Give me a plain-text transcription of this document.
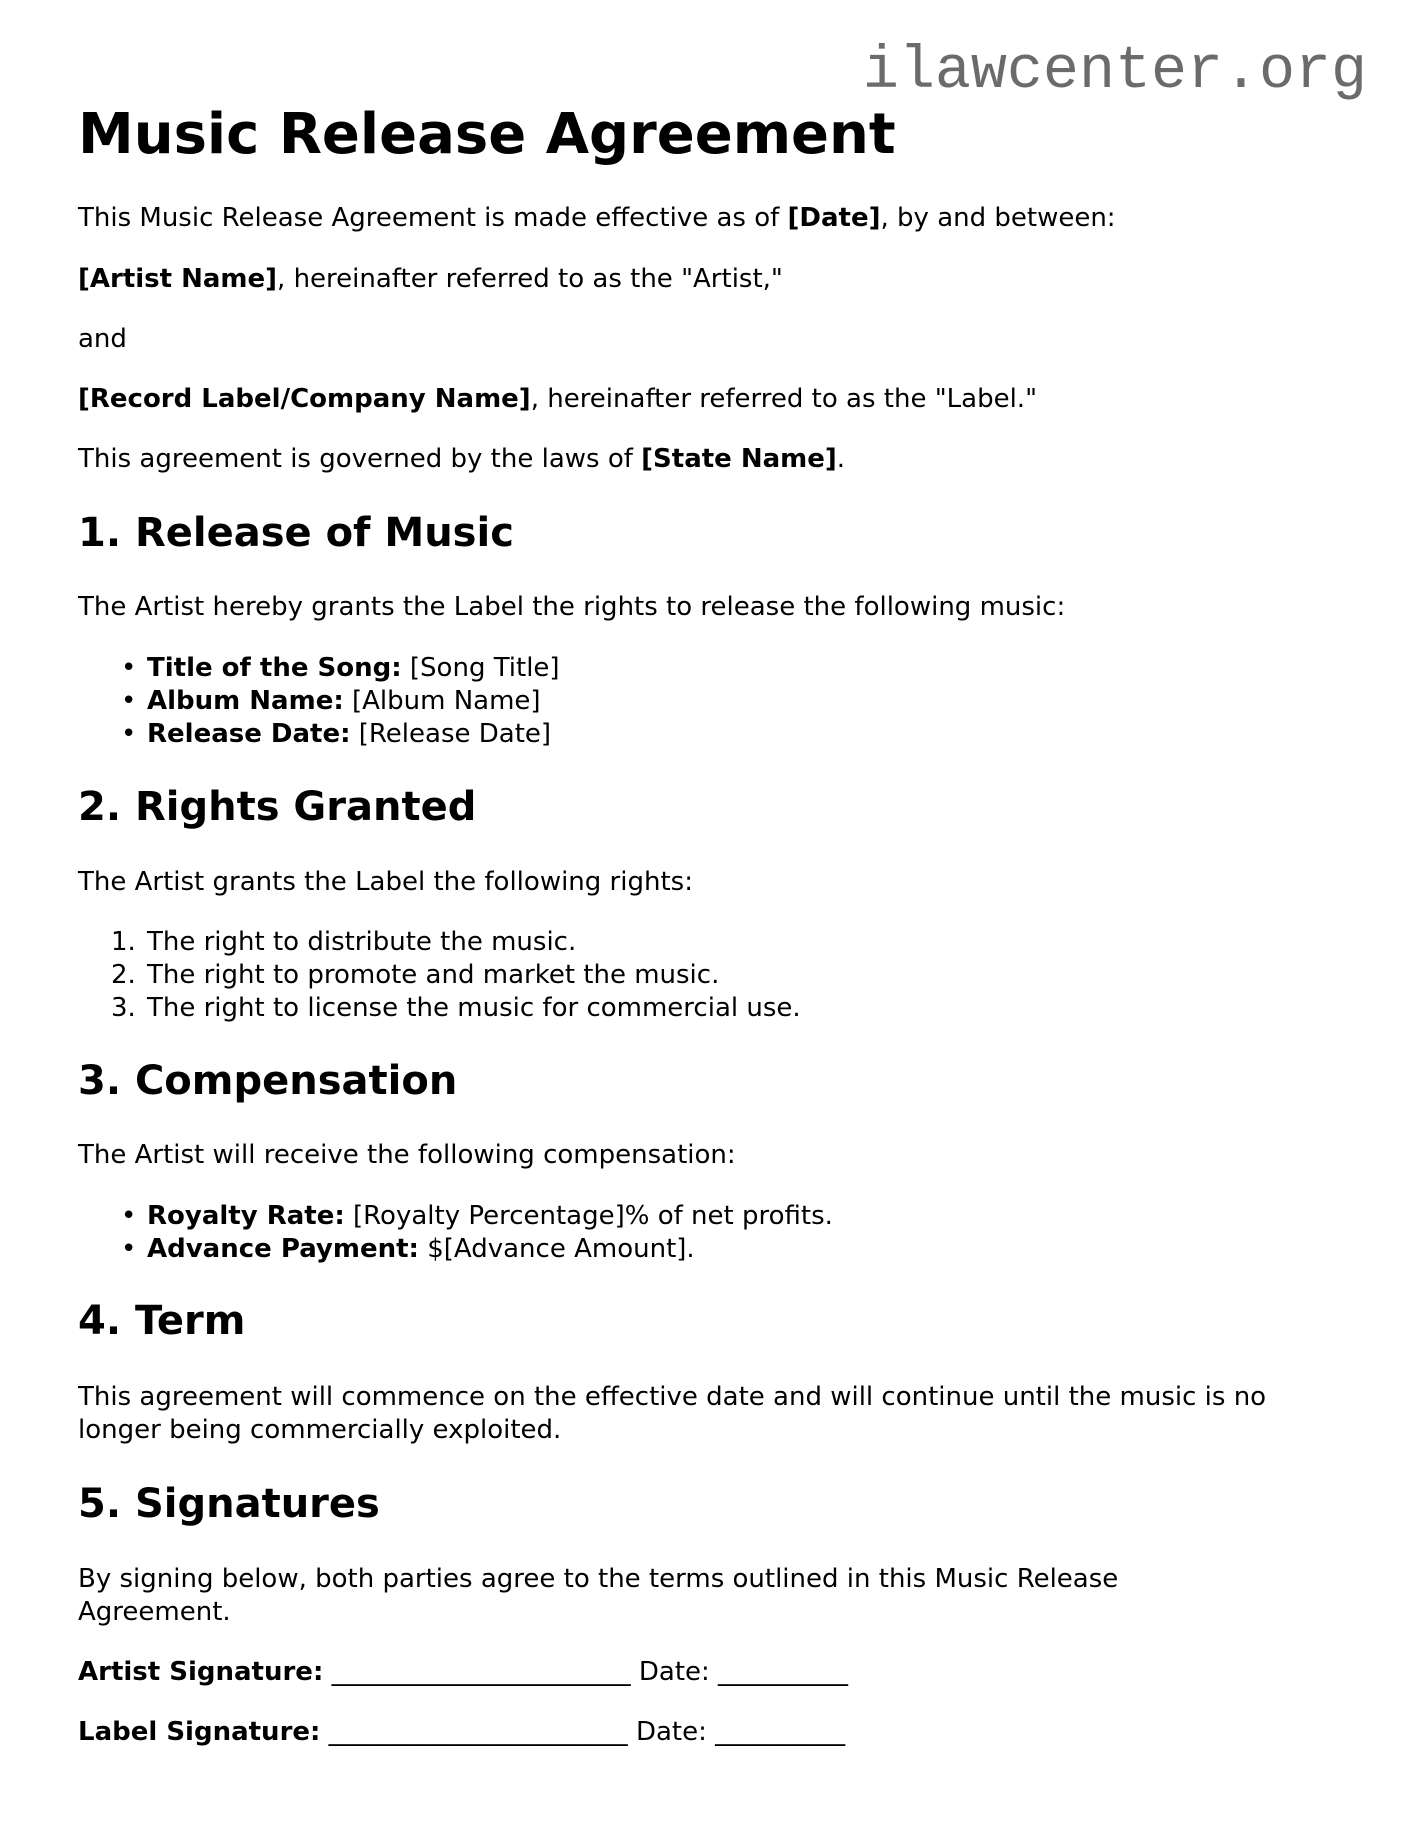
ilawcenter.org
Music Release Agreement
This Music Release Agreement is made effective as of [Date], by and between:
[Artist Name], hereinafter referred to as the "Artist,"
and
[Record Label/Company Name], hereinafter referred to as the "Label."
This agreement is governed by the laws of [State Name].
1. Release of Music
The Artist hereby grants the Label the rights to release the following music:
• Title of the Song: [Song Title]
• Album Name: [Album Name]
• Release Date: [Release Date]
2. Rights Granted
The Artist grants the Label the following rights:
1. The right to distribute the music.
2. The right to promote and market the music.
3. The right to license the music for commercial use.
3. Compensation
The Artist will receive the following compensation:
• Royalty Rate: [Royalty Percentage]% of net profits.
• Advance Payment: $[Advance Amount].
4. Term
This agreement will commence on the effective date and will continue until the music is no longer being commercially exploited.
5. Signatures
By signing below, both parties agree to the terms outlined in this Music Release Agreement.
Artist Signature: _______________________ Date: __________
Label Signature: _______________________ Date: __________
